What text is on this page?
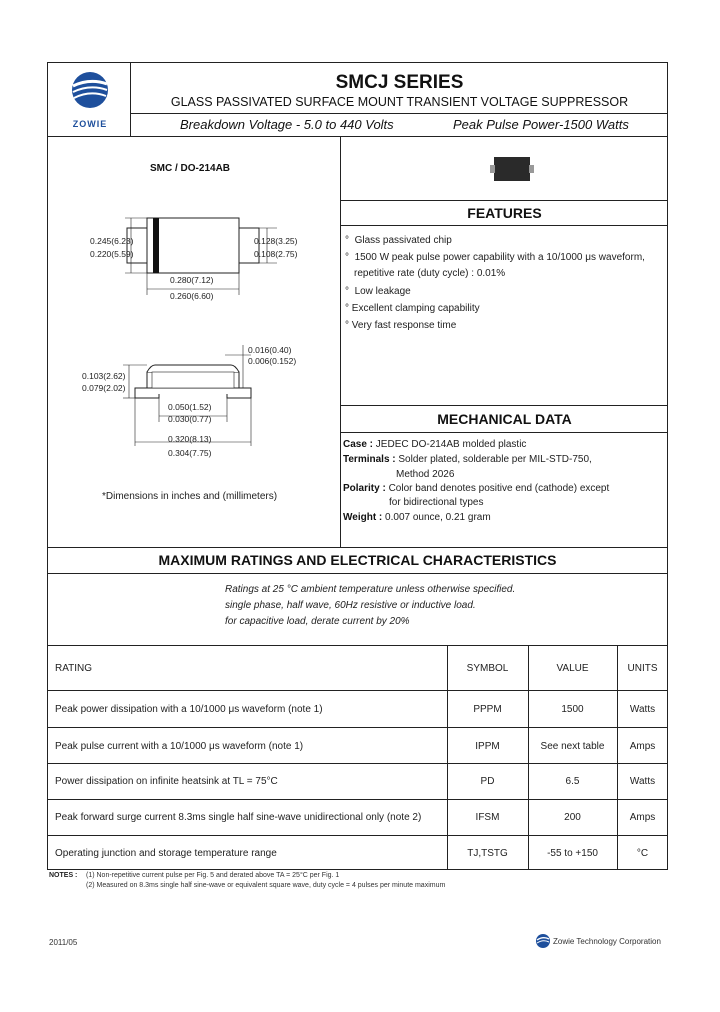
ZOWIE
SMCJ SERIES
GLASS PASSIVATED SURFACE MOUNT TRANSIENT VOLTAGE SUPPRESSOR
Breakdown Voltage - 5.0 to 440 Volts	Peak Pulse Power-1500 Watts
SMC / DO-214AB
0.245(6.23)
0.220(5.59)
0.128(3.25)
0.108(2.75)
0.280(7.12)
0.260(6.60)
0.016(0.40)
0.006(0.152)
0.103(2.62)
0.079(2.02)
0.050(1.52)
0.030(0.77)
0.320(8.13)
0.304(7.75)
*Dimensions in inches and (millimeters)
FEATURES
°  Glass passivated chip
°  1500 W peak pulse power capability with a 10/1000 μs waveform,
repetitive rate (duty cycle) : 0.01%
°  Low leakage
° Excellent clamping capability
° Very fast response time
MECHANICAL DATA
Case : JEDEC DO-214AB molded plastic
Terminals : Solder plated, solderable per MIL-STD-750,
Method 2026
Polarity : Color band denotes positive end (cathode) except
for bidirectional types
Weight : 0.007 ounce, 0.21 gram
MAXIMUM RATINGS AND ELECTRICAL CHARACTERISTICS
Ratings at 25 °C ambient temperature unless otherwise specified.
single phase, half wave, 60Hz resistive or inductive load.
for capacitive load, derate current by 20%
RATING	SYMBOL	VALUE	UNITS
Peak power dissipation with a 10/1000 μs waveform (note 1)	PPPM	1500	Watts
Peak pulse current with a 10/1000 μs waveform (note 1)	IPPM	See next table	Amps
Power dissipation on infinite heatsink at TL = 75°C	PD	6.5	Watts
Peak forward surge current 8.3ms single half sine-wave unidirectional only (note 2)	IFSM	200	Amps
Operating junction and storage temperature range	TJ,TSTG	-55 to +150	°C
NOTES : (1) Non-repetitive current pulse per Fig. 5 and derated above TA = 25°C per Fig. 1
(2) Measured on 8.3ms single half sine-wave or equivalent square wave, duty cycle = 4 pulses per minute maximum
2011/05	Zowie Technology Corporation
